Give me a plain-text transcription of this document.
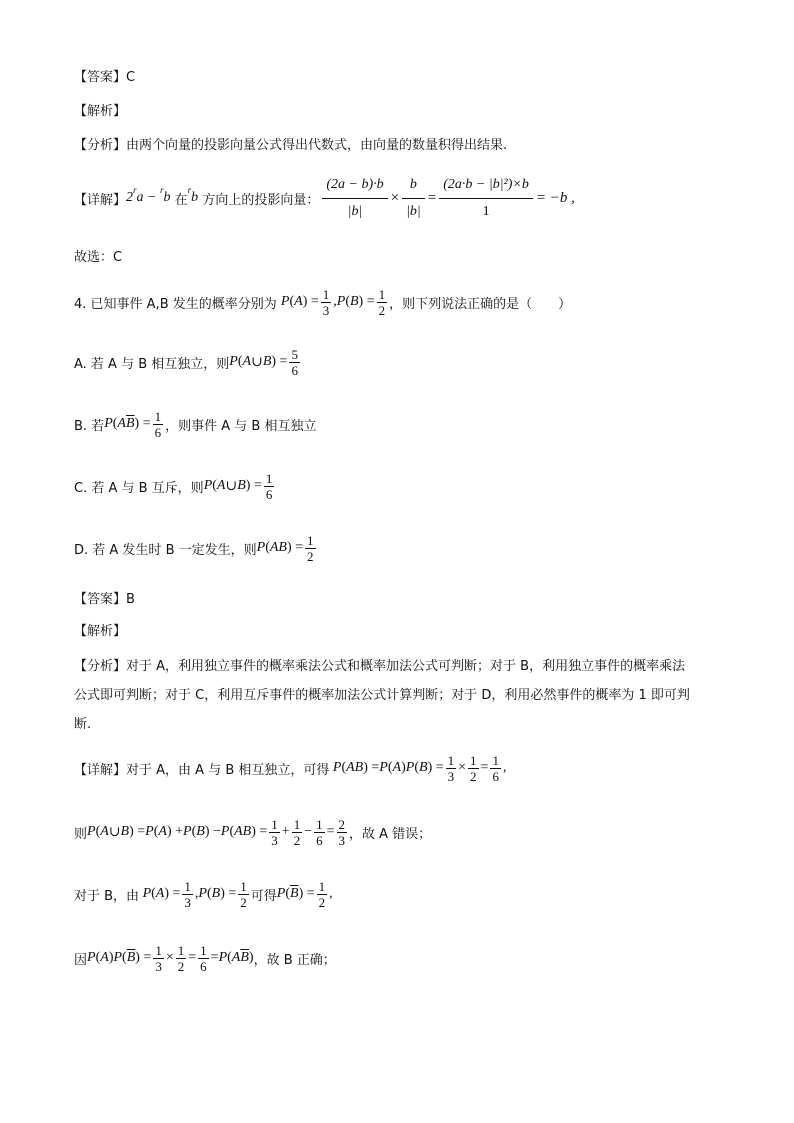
【答案】C
【解析】
【分析】由两个向量的投影向量公式得出代数式，由向量的数量积得出结果.
【详解】 $2^ra - ^rb$
在
$^r$b
方向上的投影向量： $\frac{(2a - b)\cdot b}{|b|} \times \frac{b}{|b|} = \frac{\text{(2a·b − |b|²)×b}}{1} = -b$ ,
故选：C
4. 已知事件 A,B 发生的概率分别为
P ( A ) = $\frac{1}{3}$ , P ( B ) = $\frac{1}{2}$ ，则下列说法正确的是（　　）
A. 若 A 与 B 相互独立，则 P ( A ∪ B ) = $\frac{5}{6}$
B. 若 P ( A $\overline{B}$ ) = $\frac{1}{6}$ ，则事件 A 与 B 相互独立
C. 若 A 与 B 互斥，则 P ( A ∪ B ) = $\frac{1}{6}$
D. 若 A 发生时 B 一定发生，则 P ( AB ) = $\frac{1}{2}$
【答案】B
【解析】
【分析】对于 A，利用独立事件的概率乘法公式和概率加法公式可判断；对于 B，利用独立事件的概率乘法
公式即可判断；对于 C，利用互斥事件的概率加法公式计算判断；对于 D，利用必然事件的概率为 1 即可判
断.
【详解】 对于 A，由 A 与 B 相互独立，可得 P ( AB ) = P ( A ) P ( B ) = $\frac{1}{3} \times \frac{1}{2} = \frac{1}{6}$ ,
则 P ( A ∪ B ) = P ( A ) + P ( B ) − P ( AB ) = $\frac{1}{3} + \frac{1}{2} - \frac{1}{6} = \frac{2}{3}$ ，故 A 错误；
对于 B，由 P ( A ) = $\frac{1}{3}$ , P ( B ) = $\frac{1}{2}$ 可得 P ( $\overline{B}$ ) = $\frac{1}{2}$ ,
因 P ( A ) P ( $\overline{B}$ ) = $\frac{1}{3} \times \frac{1}{2} = \frac{1}{6} = P$ ( A $\overline{B}$ ) ，故 B 正确；
